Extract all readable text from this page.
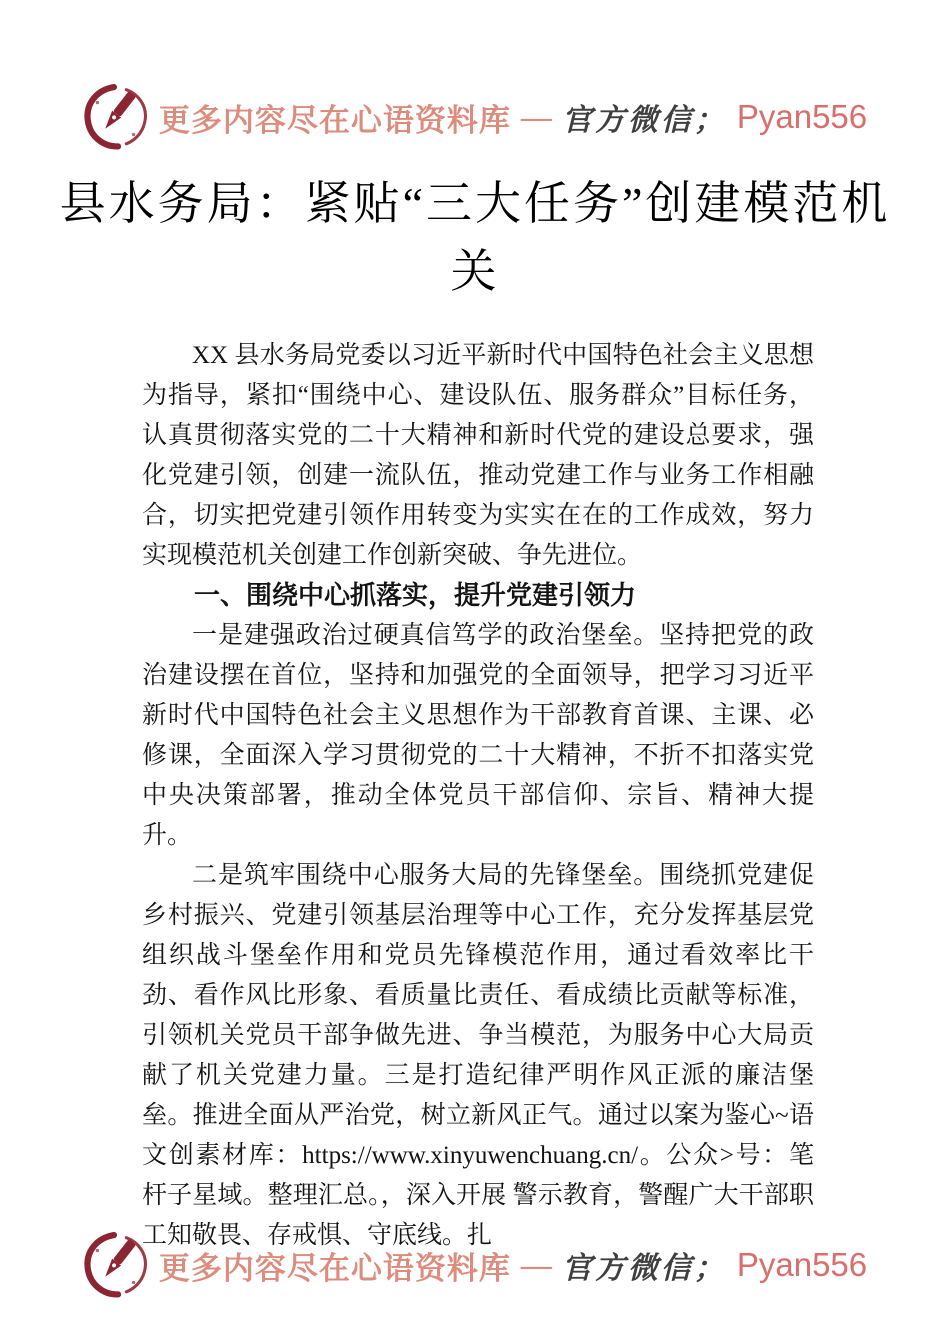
更多内容尽在心语资料库 — 官方微信； Pyan556
县水务局：紧贴“三大任务”创建模范机
关
XX 县水务局党委以习近平新时代中国特色社会主义思想为指导，紧扣“围绕中心、建设队伍、服务群众”目标任务，认真贯彻落实党的二十大精神和新时代党的建设总要求，强化党建引领，创建一流队伍，推动党建工作与业务工作相融合，切实把党建引领作用转变为实实在在的工作成效，努力实现模范机关创建工作创新突破、争先进位。
一、围绕中心抓落实，提升党建引领力
一是建强政治过硬真信笃学的政治堡垒。坚持把党的政治建设摆在首位，坚持和加强党的全面领导，把学习习近平新时代中国特色社会主义思想作为干部教育首课、主课、必修课，全面深入学习贯彻党的二十大精神，不折不扣落实党中央决策部署，推动全体党员干部信仰、宗旨、精神大提升。
二是筑牢围绕中心服务大局的先锋堡垒。围绕抓党建促乡村振兴、党建引领基层治理等中心工作，充分发挥基层党组织战斗堡垒作用和党员先锋模范作用，通过看效率比干劲、看作风比形象、看质量比责任、看成绩比贡献等标准，引领机关党员干部争做先进、争当模范，为服务中心大局贡献了机关党建力量。三是打造纪律严明作风正派的廉洁堡垒。推进全面从严治党，树立新风正气。通过以案为鉴心~语文创素材库：https://www.xinyuwenchuang.cn/。公众>号：笔杆子星域。整理汇总。，深入开展 警示教育，警醒广大干部职工知敬畏、存戒惧、守底线。扎
更多内容尽在心语资料库 — 官方微信； Pyan556
